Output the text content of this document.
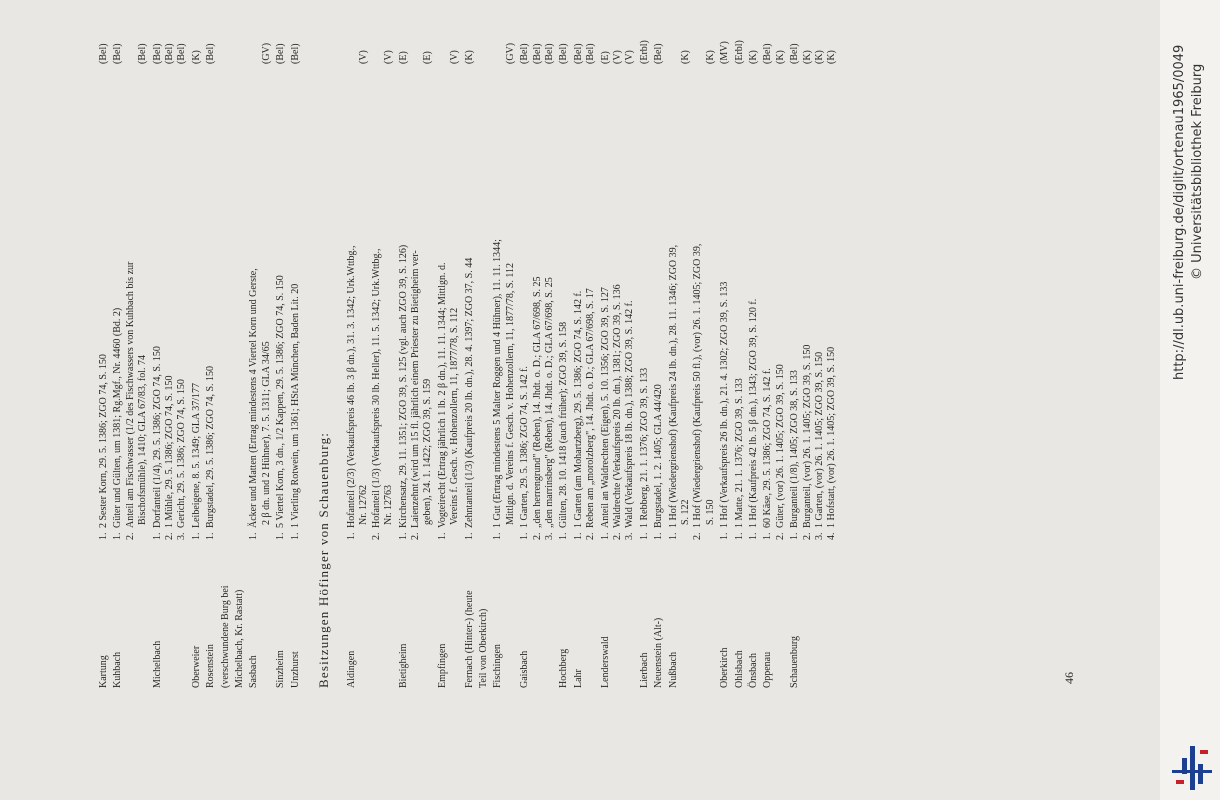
Kartung
1.
2 Sester Korn, 29. 5. 1386; ZGO 74, S. 150
(Bel)
Kuhbach
1.
Güter und Gülten, um 1381; Rg.Mgf., Nr. 4460 (Bd. 2)
(Bel)
2.
Anteil am Fischwasser (1/2 des Fischwassers von Kuhbach bis zur Bischofsmühle), 1410; GLA 67/83, fol. 74
(Bel)
Michelbach
1.
Dorfanteil (1/4), 29. 5. 1386; ZGO 74, S. 150
(Bel)
2.
1 Mühle, 29. 5. 1386; ZGO 74, S. 150
(Bel)
3.
Gericht, 29. 5. 1386; ZGO 74, S. 150
(Bel)
Oberweier
1.
Leibeigene, 8. 5. 1349; GLA 37/177
(K)
Rosenstein
1.
Burgstadel, 29. 5. 1386; ZGO 74, S. 150
(Bel)
(verschwundene Burg bei Michelbach, Kr. Rastatt) Sasbach
1.
Äcker und Matten (Ertrag mindestens 4 Viertel Korn und Gerste, 2 β dn. und 2 Hühner), 7. 5. 1311; GLA 34/65
(GV)
Sinzheim
1.
5 Viertel Korn, 3 dn., 1/2 Kappen, 29. 5. 1386; ZGO 74, S. 150
(Bel)
Unzhurst
1.
1 Vierling Rotwein, um 1361; HStA München, Baden Lit. 20
(Bel)
Besitzungen Höfinger von Schauenburg: Aldingen
1.
Hofanteil (2/3) (Verkaufspreis 46 lb. 3 β dn.), 31. 3. 1342; Urk.Wttbg., Nr. 12762
(V)
2.
Hofanteil (1/3) (Verkaufspreis 30 lb. Heller), 11. 5. 1342; Urk.Wttbg., Nr. 12763
(V)
Bietigheim
1.
Kirchensatz, 29. 11. 1351; ZGO 39, S. 125 (vgl. auch ZGO 39, S. 126)
(E)
2.
Laienzehnt (wird um 15 fl. jährlich einem Priester zu Bietigheim ver- geben), 24. 1. 1422; ZGO 39, S. 159
(E)
Empfingen
1.
Vogteirecht (Ertrag jährlich 1 lb. 2 β dn.), 11. 11. 1344; Mittlgn. d. Vereins f. Gesch. v. Hohenzollern, 11, 1877/78, S. 112
(V)
Fernach (Hinter-) (heute
1.
Zehntanteil (1/3) (Kaufpreis 20 lb. dn.), 28. 4. 1397; ZGO 37, S. 44
(K)
Teil von Oberkirch) Fischingen
1.
1 Gut (Ertrag mindestens 5 Malter Roggen und 4 Hühner), 11. 11. 1344; Mittlgn. d. Vereins f. Gesch. v. Hohenzollern, 11, 1877/78, S. 112
(GV)
Gaisbach
1.
1 Garten, 29. 5. 1386; ZGO 74, S. 142 f.
(Bel)
2.
„den herrengrund" (Reben), 14. Jhdt. o. D.; GLA 67/698, S. 25
(Bel)
3.
„den marrinsberg" (Reben), 14. Jhdt. o. D.; GLA 67/698, S. 25
(Bel)
Hochberg
1.
Gülten, 28. 10. 1418 (auch früher); ZGO 39, S. 158
(Bel)
Lahr
1.
1 Garten (am Mohartzberg), 29. 5. 1386; ZGO 74, S. 142 f.
(Bel)
2.
Reben am „morolzberg", 14. Jhdt. o. D.; GLA 67/698, S. 17
(Bel)
Lenderswald
1.
Anteil an Waldrechten (Eigen), 5. 10. 1356; ZGO 39, S. 127
(E)
2.
Waldrechte (Verkaufspreis 20 lb. dn.), 1381; ZGO 39, S. 136
(V)
3.
Wald (Verkaufspreis 18 lb. dn.), 1388; ZGO 39, S. 142 f.
(V)
Lierbach
1.
1 Rebberg, 21. 1. 1376; ZGO 39, S. 133
(Erbl)
Neuenstein (Alt-)
1.
Burgstadel, 1. 2. 1405; GLA 44/420
(Bel)
Nußbach
1.
1 Hof (Wiedergrienshof) (Kaufpreis 24 lb. dn.), 28. 11. 1346; ZGO 39, S. 122
(K)
2.
1 Hof (Wiedergrienshof) (Kaufpreis 50 fl.), (vor) 26. 1. 1405; ZGO 39, S. 150
(K)
Oberkirch
1.
1 Hof (Verkaufspreis 26 lb. dn.), 21. 4. 1302; ZGO 39, S. 133
(MV)
Ohlsbach
1.
1 Matte, 21. 1. 1376; ZGO 39, S. 133
(Erbl)
Önsbach
1.
1 Hof (Kaufpreis 42 lb. 5 β dn.), 1343; ZGO 39, S. 120 f.
(K)
Oppenau
1.
60 Käse, 29. 5. 1386; ZGO 74, S. 142 f.
(Bel)
2.
Güter, (vor) 26. 1. 1405; ZGO 39, S. 150
(K)
Schauenburg
1.
Burganteil (1/8), 1405; ZGO 38, S. 133
(Bel)
2.
Burganteil, (vor) 26. 1. 1405; ZGO 39, S. 150
(K)
3.
1 Garten, (vor) 26. 1. 1405; ZGO 39, S. 150
(K)
4.
1 Hofstatt, (vor) 26. 1. 1405; ZGO 39, S. 150
(K)
46
http://dl.ub.uni-freiburg.de/diglit/ortenau1965/0049 © Universitätsbibliothek Freiburg
